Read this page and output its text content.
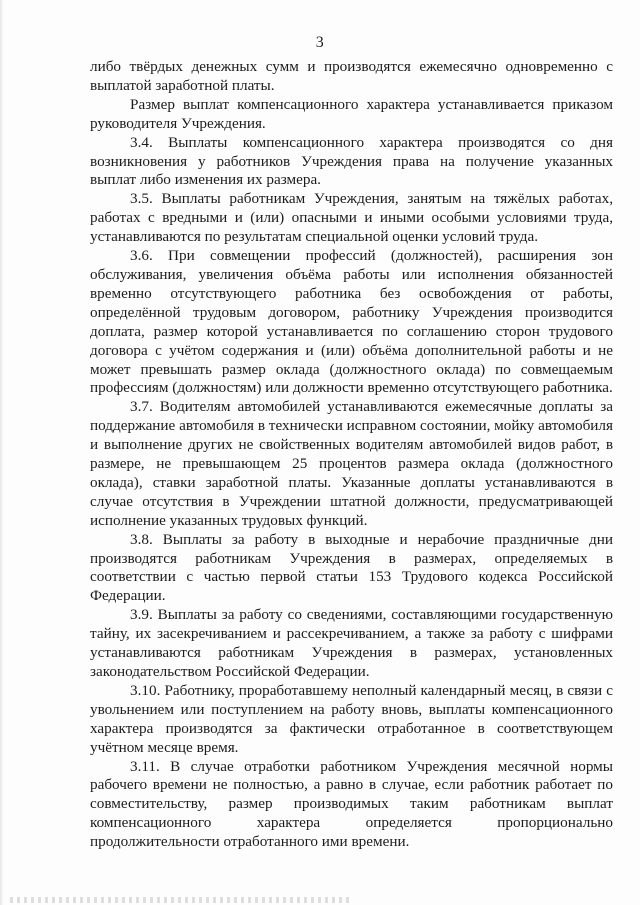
3

либо твёрдых денежных сумм и производятся ежемесячно одновременно с выплатой заработной платы.

Размер выплат компенсационного характера устанавливается приказом руководителя Учреждения.

3.4. Выплаты компенсационного характера производятся со дня возникновения у работников Учреждения права на получение указанных выплат либо изменения их размера.

3.5. Выплаты работникам Учреждения, занятым на тяжёлых работах, работах с вредными и (или) опасными и иными особыми условиями труда, устанавливаются по результатам специальной оценки условий труда.

3.6. При совмещении профессий (должностей), расширения зон обслуживания, увеличения объёма работы или исполнения обязанностей временно отсутствующего работника без освобождения от работы, определённой трудовым договором, работнику Учреждения производится доплата, размер которой устанавливается по соглашению сторон трудового договора с учётом содержания и (или) объёма дополнительной работы и не может превышать размер оклада (должностного оклада) по совмещаемым профессиям (должностям) или должности временно отсутствующего работника.

3.7. Водителям автомобилей устанавливаются ежемесячные доплаты за поддержание автомобиля в технически исправном состоянии, мойку автомобиля и выполнение других не свойственных водителям автомобилей видов работ, в размере, не превышающем 25 процентов размера оклада (должностного оклада), ставки заработной платы. Указанные доплаты устанавливаются в случае отсутствия в Учреждении штатной должности, предусматривающей исполнение указанных трудовых функций.

3.8. Выплаты за работу в выходные и нерабочие праздничные дни производятся работникам Учреждения в размерах, определяемых в соответствии с частью первой статьи 153 Трудового кодекса Российской Федерации.

3.9. Выплаты за работу со сведениями, составляющими государственную тайну, их засекречиванием и рассекречиванием, а также за работу с шифрами устанавливаются работникам Учреждения в размерах, установленных законодательством Российской Федерации.

3.10. Работнику, проработавшему неполный календарный месяц, в связи с увольнением или поступлением на работу вновь, выплаты компенсационного характера производятся за фактически отработанное в соответствующем учётном месяце время.

3.11. В случае отработки работником Учреждения месячной нормы рабочего времени не полностью, а равно в случае, если работник работает по совместительству, размер производимых таким работникам выплат компенсационного характера определяется пропорционально продолжительности отработанного ими времени.
